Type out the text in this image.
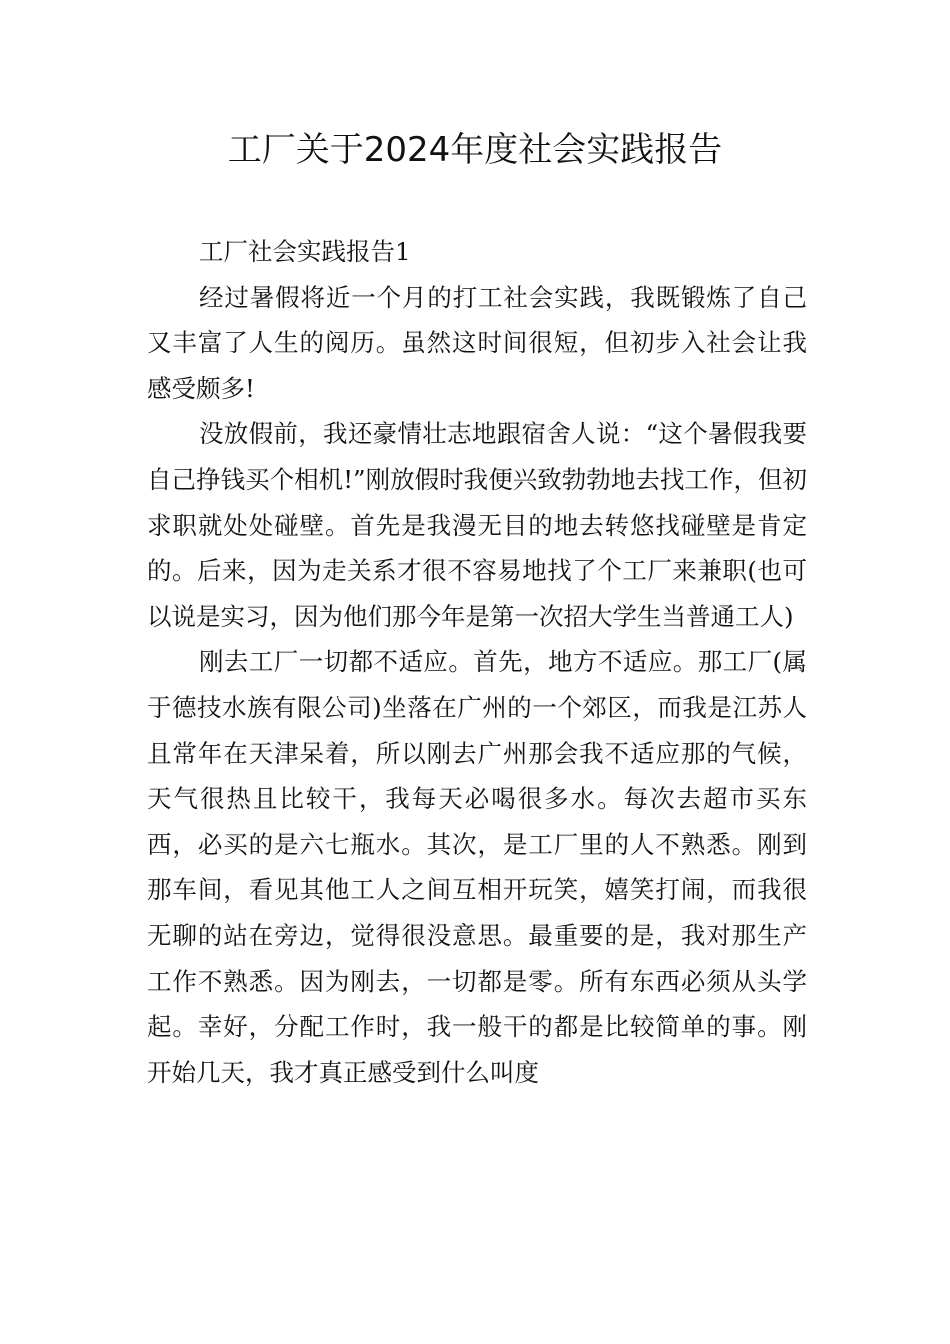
工厂关于2024年度社会实践报告

工厂社会实践报告1

经过暑假将近一个月的打工社会实践，我既锻炼了自己又丰富了人生的阅历。虽然这时间很短，但初步入社会让我感受颇多!

没放假前，我还豪情壮志地跟宿舍人说：“这个暑假我要自己挣钱买个相机!”刚放假时我便兴致勃勃地去找工作，但初求职就处处碰壁。首先是我漫无目的地去转悠找碰壁是肯定的。后来，因为走关系才很不容易地找了个工厂来兼职(也可以说是实习，因为他们那今年是第一次招大学生当普通工人)

刚去工厂一切都不适应。首先，地方不适应。那工厂(属于德技水族有限公司)坐落在广州的一个郊区，而我是江苏人且常年在天津呆着，所以刚去广州那会我不适应那的气候，天气很热且比较干，我每天必喝很多水。每次去超市买东西，必买的是六七瓶水。其次，是工厂里的人不熟悉。刚到那车间，看见其他工人之间互相开玩笑，嬉笑打闹，而我很无聊的站在旁边，觉得很没意思。最重要的是，我对那生产工作不熟悉。因为刚去，一切都是零。所有东西必须从头学起。幸好，分配工作时，我一般干的都是比较简单的事。刚开始几天，我才真正感受到什么叫度
